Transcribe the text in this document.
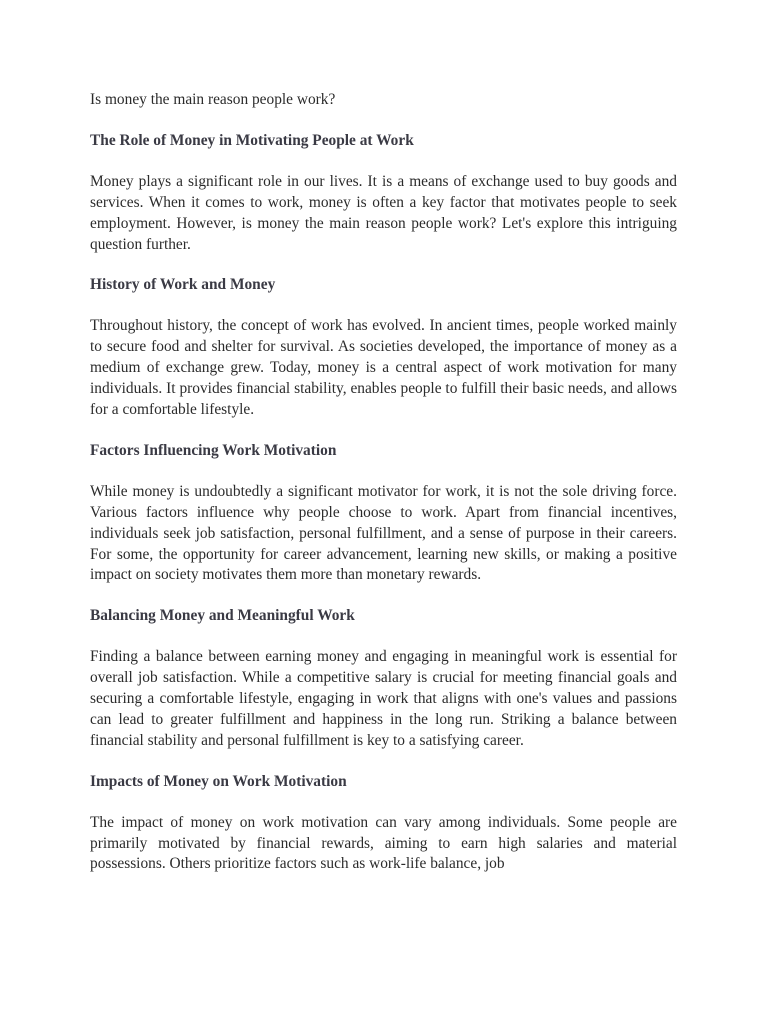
Is money the main reason people work?

The Role of Money in Motivating People at Work

Money plays a significant role in our lives. It is a means of exchange used to buy goods and services. When it comes to work, money is often a key factor that motivates people to seek employment. However, is money the main reason people work? Let's explore this intriguing question further.

History of Work and Money

Throughout history, the concept of work has evolved. In ancient times, people worked mainly to secure food and shelter for survival. As societies developed, the importance of money as a medium of exchange grew. Today, money is a central aspect of work motivation for many individuals. It provides financial stability, enables people to fulfill their basic needs, and allows for a comfortable lifestyle.

Factors Influencing Work Motivation

While money is undoubtedly a significant motivator for work, it is not the sole driving force. Various factors influence why people choose to work. Apart from financial incentives, individuals seek job satisfaction, personal fulfillment, and a sense of purpose in their careers. For some, the opportunity for career advancement, learning new skills, or making a positive impact on society motivates them more than monetary rewards.

Balancing Money and Meaningful Work

Finding a balance between earning money and engaging in meaningful work is essential for overall job satisfaction. While a competitive salary is crucial for meeting financial goals and securing a comfortable lifestyle, engaging in work that aligns with one's values and passions can lead to greater fulfillment and happiness in the long run. Striking a balance between financial stability and personal fulfillment is key to a satisfying career.

Impacts of Money on Work Motivation

The impact of money on work motivation can vary among individuals. Some people are primarily motivated by financial rewards, aiming to earn high salaries and material possessions. Others prioritize factors such as work-life balance, job
